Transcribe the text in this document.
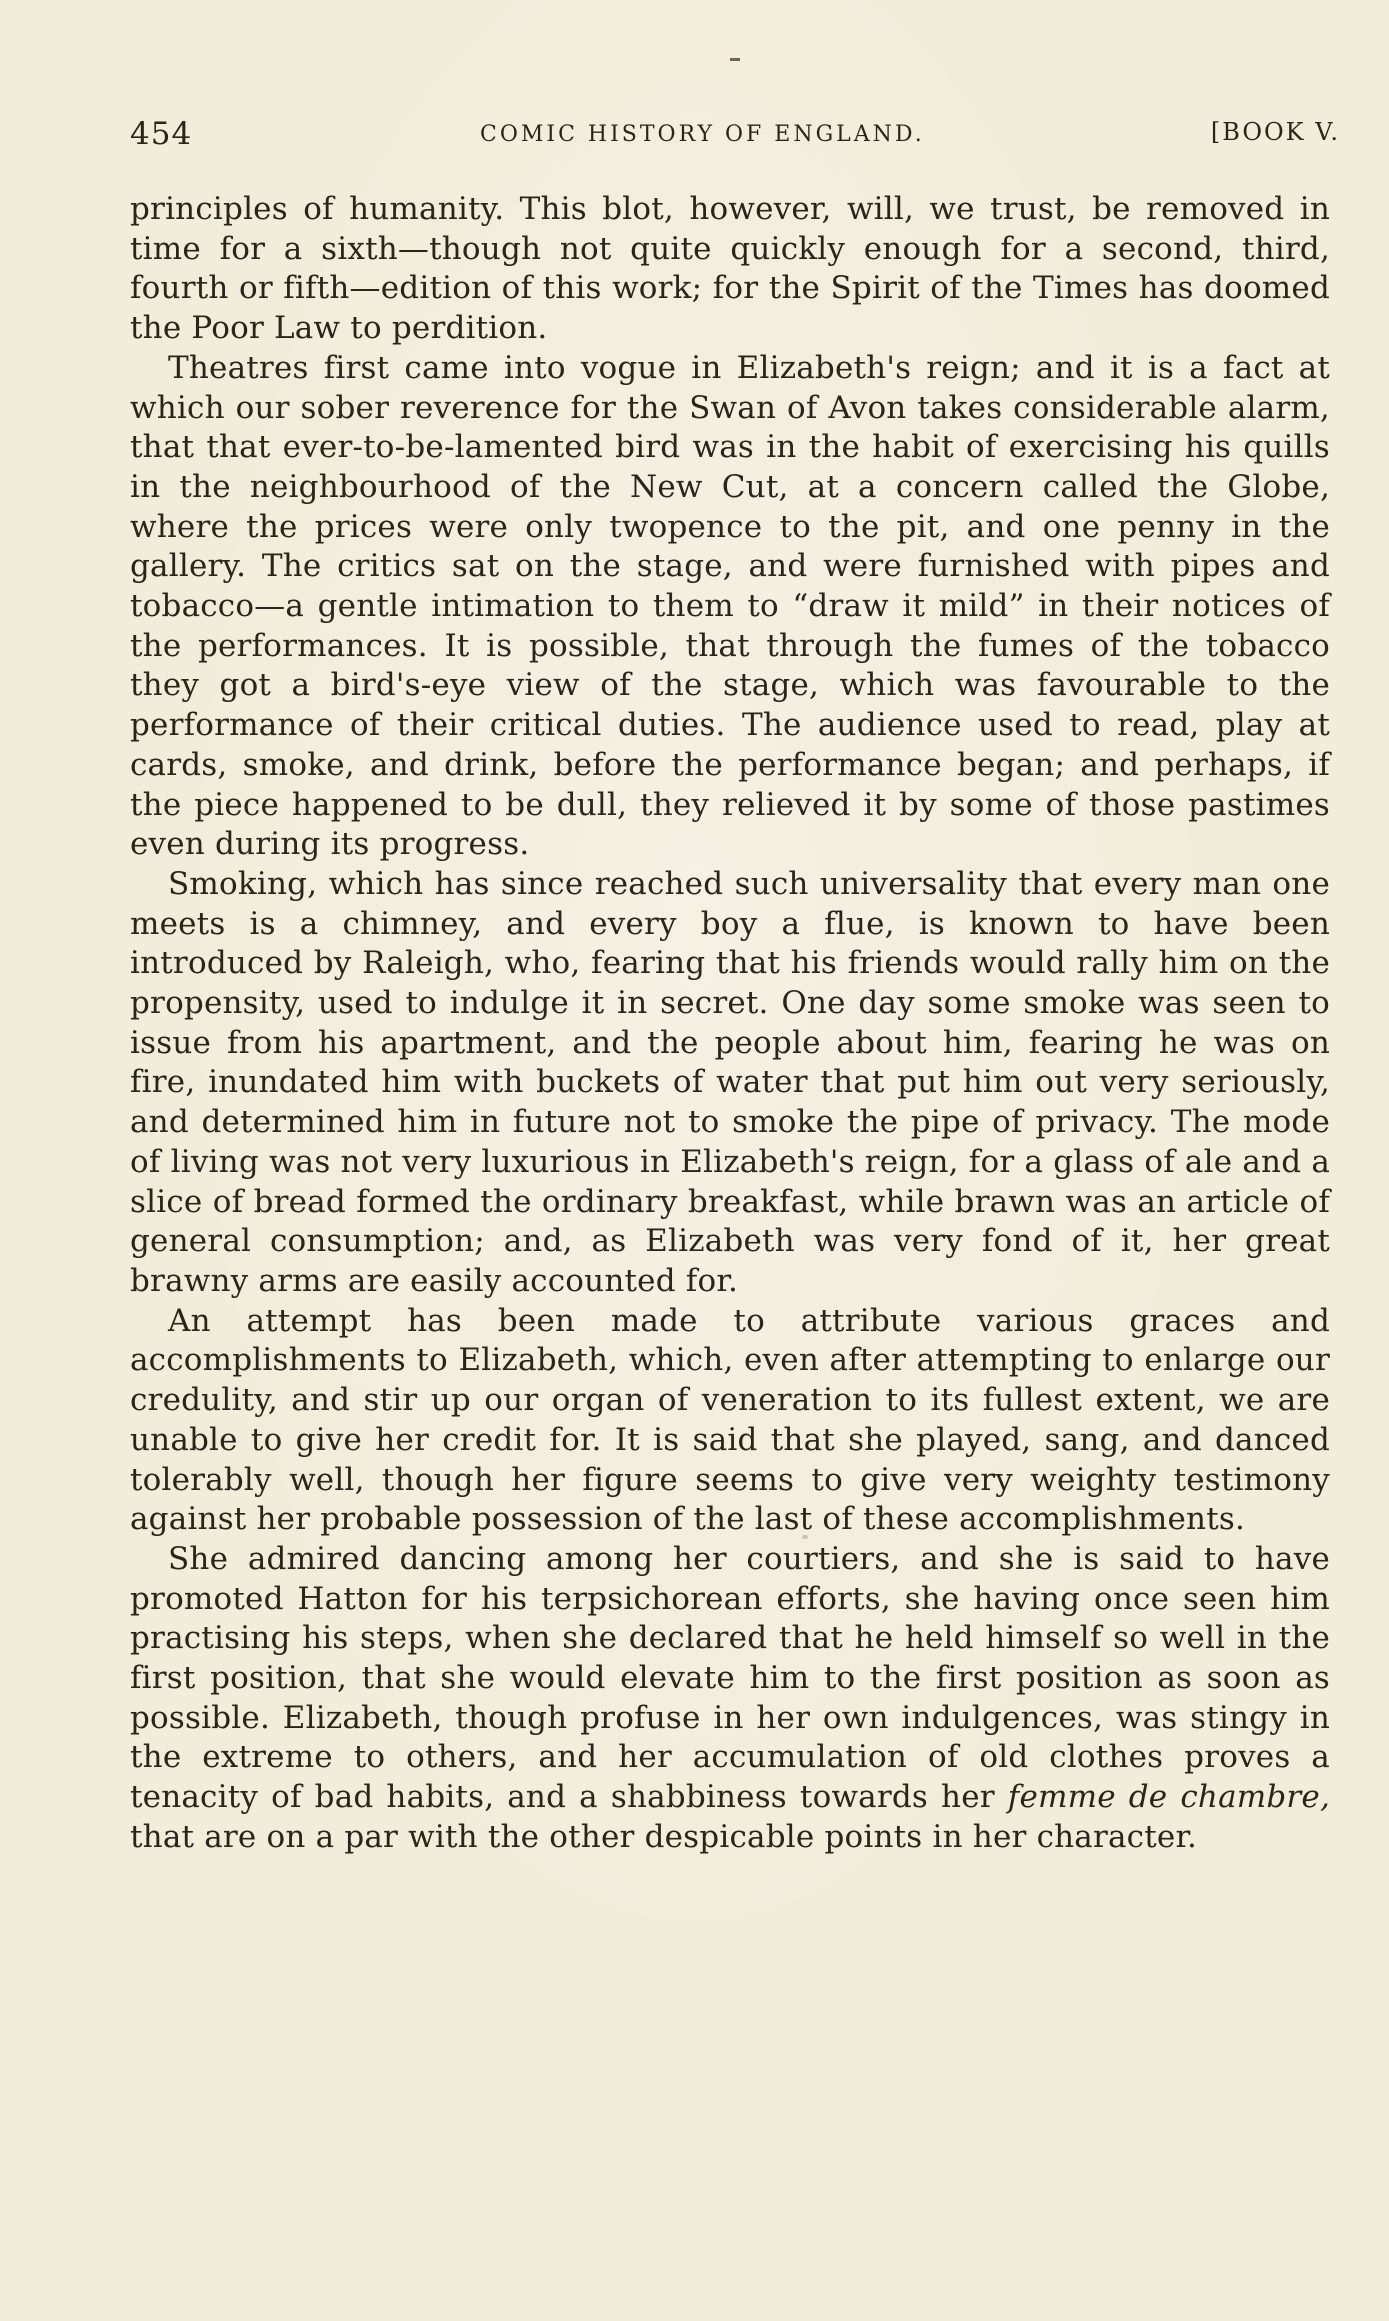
454	COMIC HISTORY OF ENGLAND.	[BOOK V.

principles of humanity. This blot, however, will, we trust, be removed in time for a sixth—though not quite quickly enough for a second, third, fourth or fifth—edition of this work; for the Spirit of the Times has doomed the Poor Law to perdition.

Theatres first came into vogue in Elizabeth's reign; and it is a fact at which our sober reverence for the Swan of Avon takes considerable alarm, that that ever-to-be-lamented bird was in the habit of exercising his quills in the neighbourhood of the New Cut, at a concern called the Globe, where the prices were only twopence to the pit, and one penny in the gallery. The critics sat on the stage, and were furnished with pipes and tobacco—a gentle intimation to them to “draw it mild” in their notices of the performances. It is possible, that through the fumes of the tobacco they got a bird's-eye view of the stage, which was favourable to the performance of their critical duties. The audience used to read, play at cards, smoke, and drink, before the performance began; and perhaps, if the piece happened to be dull, they relieved it by some of those pastimes even during its progress.

Smoking, which has since reached such universality that every man one meets is a chimney, and every boy a flue, is known to have been introduced by Raleigh, who, fearing that his friends would rally him on the propensity, used to indulge it in secret. One day some smoke was seen to issue from his apartment, and the people about him, fearing he was on fire, inundated him with buckets of water that put him out very seriously, and determined him in future not to smoke the pipe of privacy. The mode of living was not very luxurious in Elizabeth's reign, for a glass of ale and a slice of bread formed the ordinary breakfast, while brawn was an article of general consumption; and, as Elizabeth was very fond of it, her great brawny arms are easily accounted for.

An attempt has been made to attribute various graces and accomplishments to Elizabeth, which, even after attempting to enlarge our credulity, and stir up our organ of veneration to its fullest extent, we are unable to give her credit for. It is said that she played, sang, and danced tolerably well, though her figure seems to give very weighty testimony against her probable possession of the last of these accomplishments.

She admired dancing among her courtiers, and she is said to have promoted Hatton for his terpsichorean efforts, she having once seen him practising his steps, when she declared that he held himself so well in the first position, that she would elevate him to the first position as soon as possible. Elizabeth, though profuse in her own indulgences, was stingy in the extreme to others, and her accumulation of old clothes proves a tenacity of bad habits, and a shabbiness towards her femme de chambre, that are on a par with the other despicable points in her character.
